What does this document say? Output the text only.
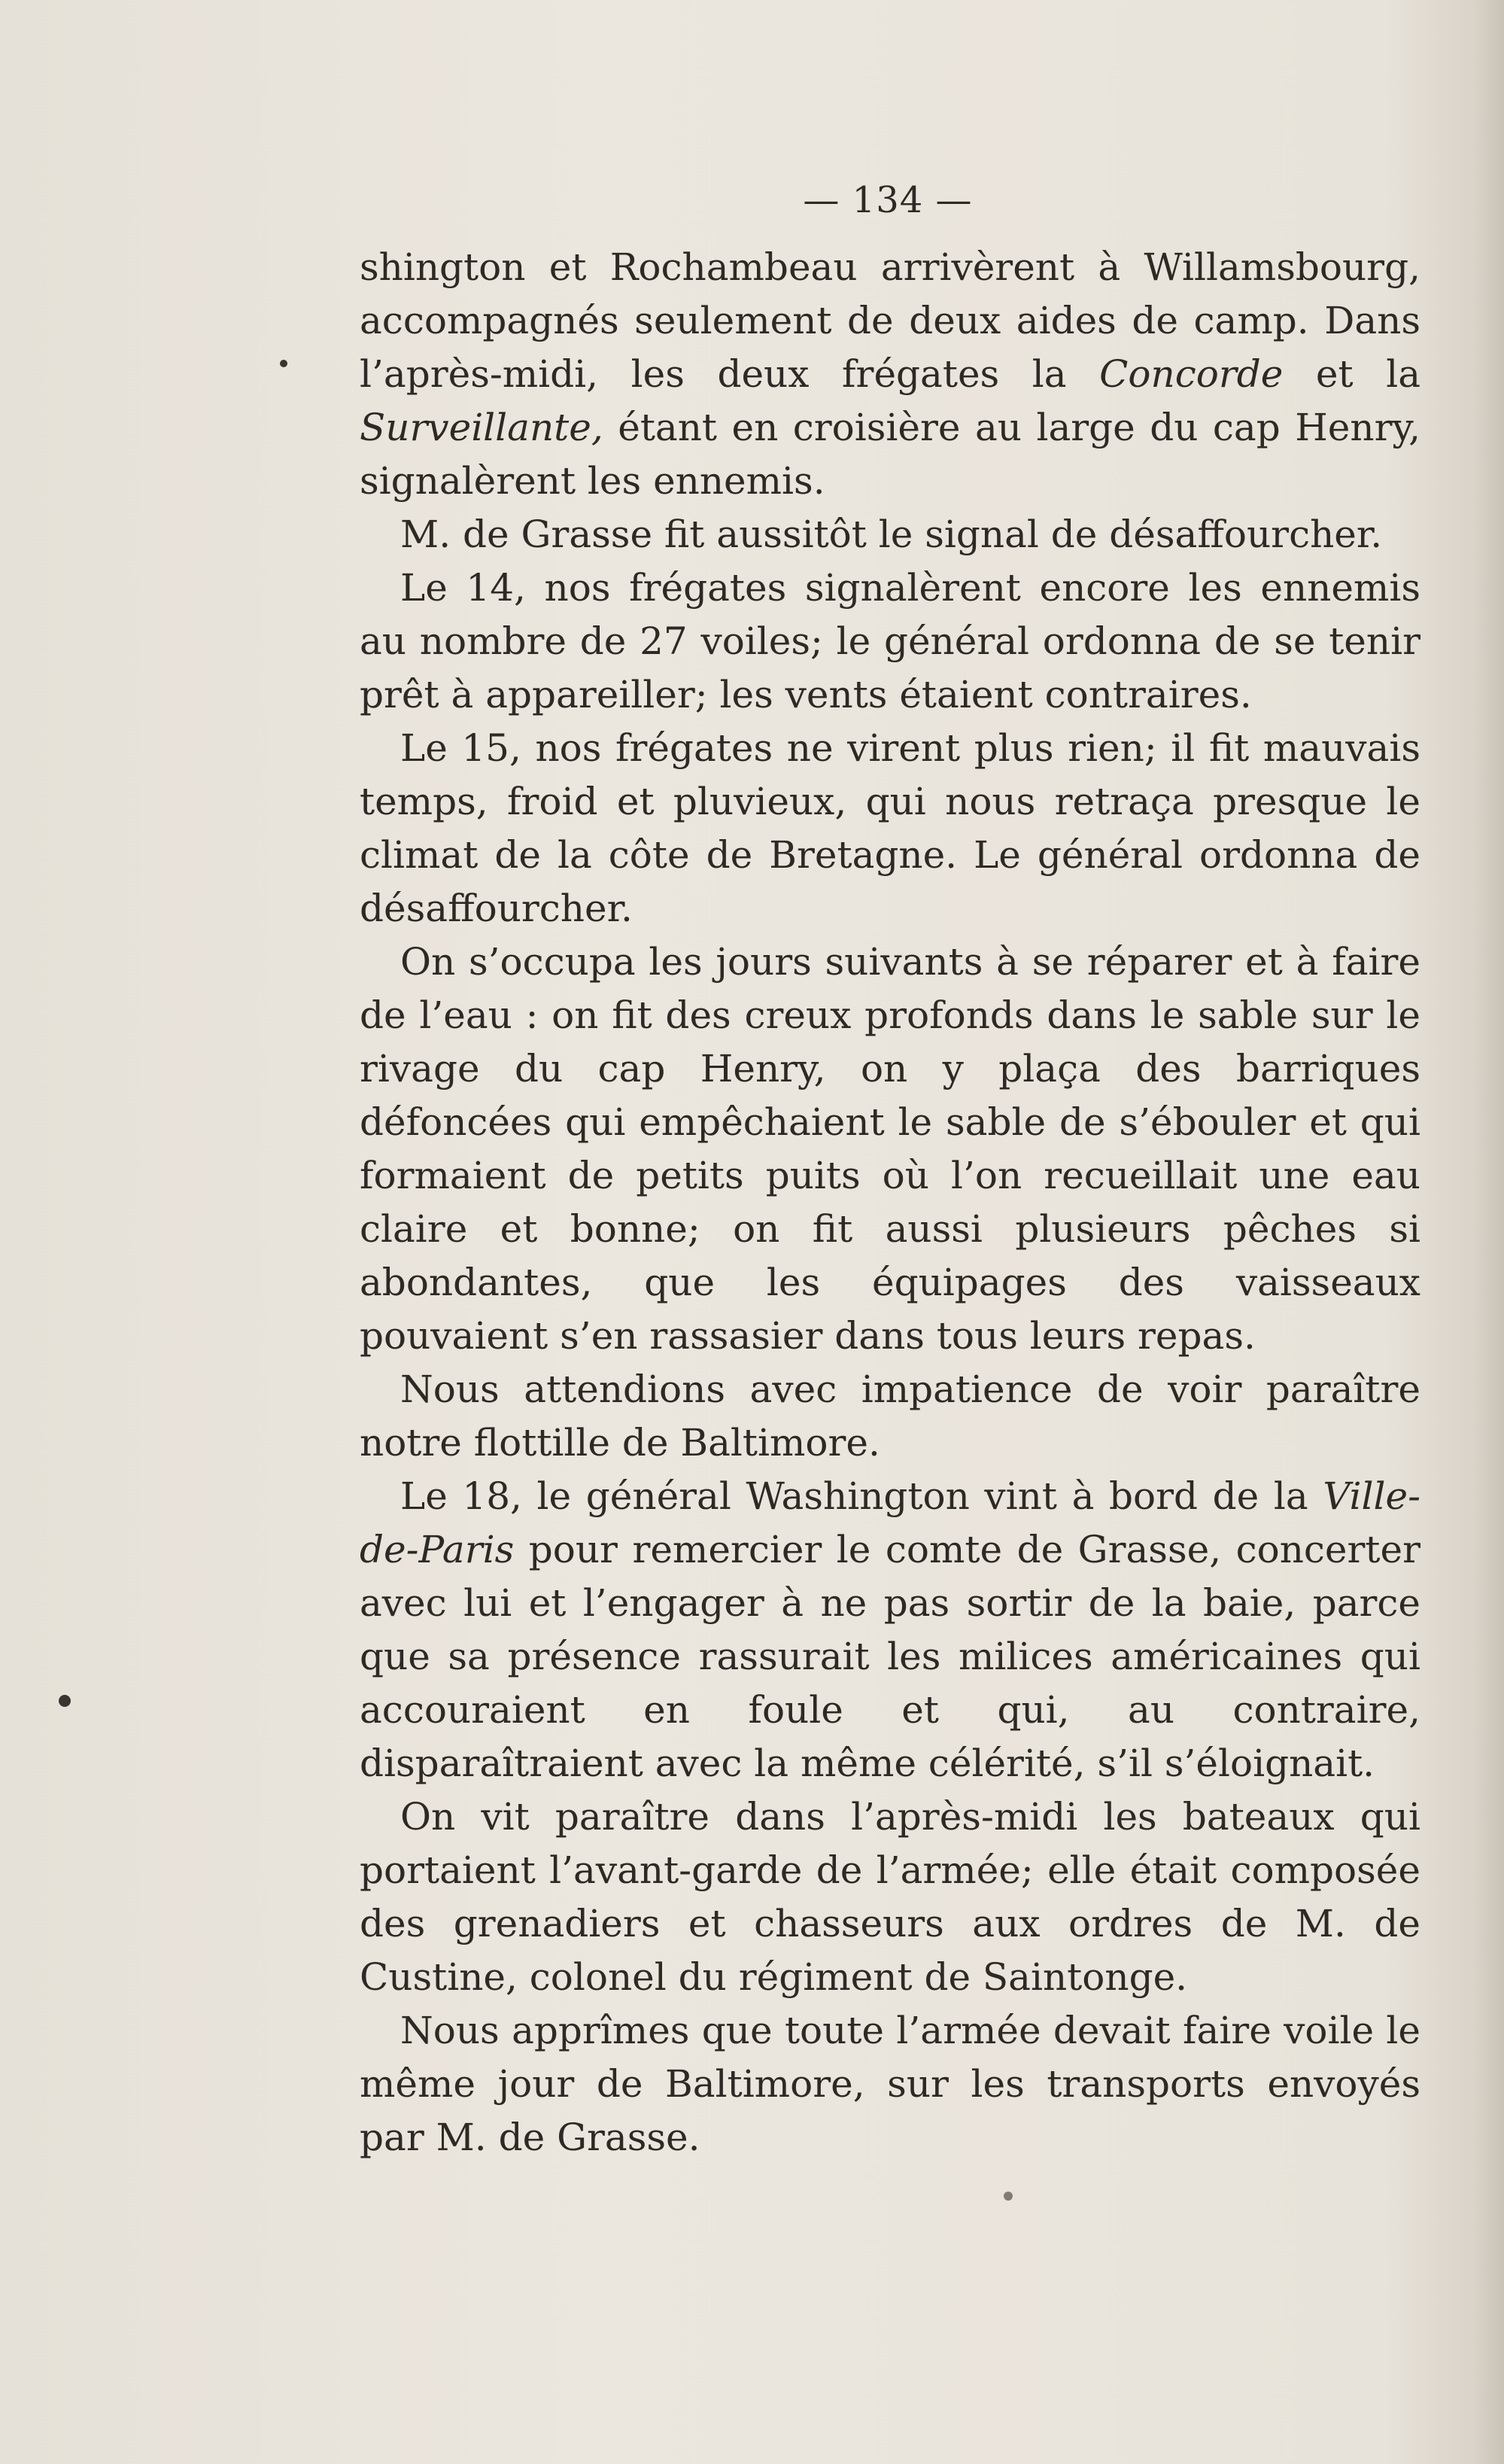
— 134 —

shington et Rochambeau arrivèrent à Willamsbourg, accompagnés seulement de deux aides de camp. Dans l’après-midi, les deux frégates la Concorde et la Surveillante, étant en croisière au large du cap Henry, signalèrent les ennemis.

M. de Grasse fit aussitôt le signal de désaffourcher.

Le 14, nos frégates signalèrent encore les ennemis au nombre de 27 voiles; le général ordonna de se tenir prêt à appareiller; les vents étaient contraires.

Le 15, nos frégates ne virent plus rien; il fit mauvais temps, froid et pluvieux, qui nous retraça presque le climat de la côte de Bretagne. Le général ordonna de désaffourcher.

On s’occupa les jours suivants à se réparer et à faire de l’eau : on fit des creux profonds dans le sable sur le rivage du cap Henry, on y plaça des barriques défoncées qui empêchaient le sable de s’ébouler et qui formaient de petits puits où l’on recueillait une eau claire et bonne; on fit aussi plusieurs pêches si abondantes, que les équipages des vaisseaux pouvaient s’en rassasier dans tous leurs repas.

Nous attendions avec impatience de voir paraître notre flottille de Baltimore.

Le 18, le général Washington vint à bord de la Ville-de-Paris pour remercier le comte de Grasse, concerter avec lui et l’engager à ne pas sortir de la baie, parce que sa présence rassurait les milices américaines qui accouraient en foule et qui, au contraire, disparaîtraient avec la même célérité, s’il s’éloignait.

On vit paraître dans l’après-midi les bateaux qui portaient l’avant-garde de l’armée; elle était composée des grenadiers et chasseurs aux ordres de M. de Custine, colonel du régiment de Saintonge.

Nous apprîmes que toute l’armée devait faire voile le même jour de Baltimore, sur les transports envoyés par M. de Grasse.
